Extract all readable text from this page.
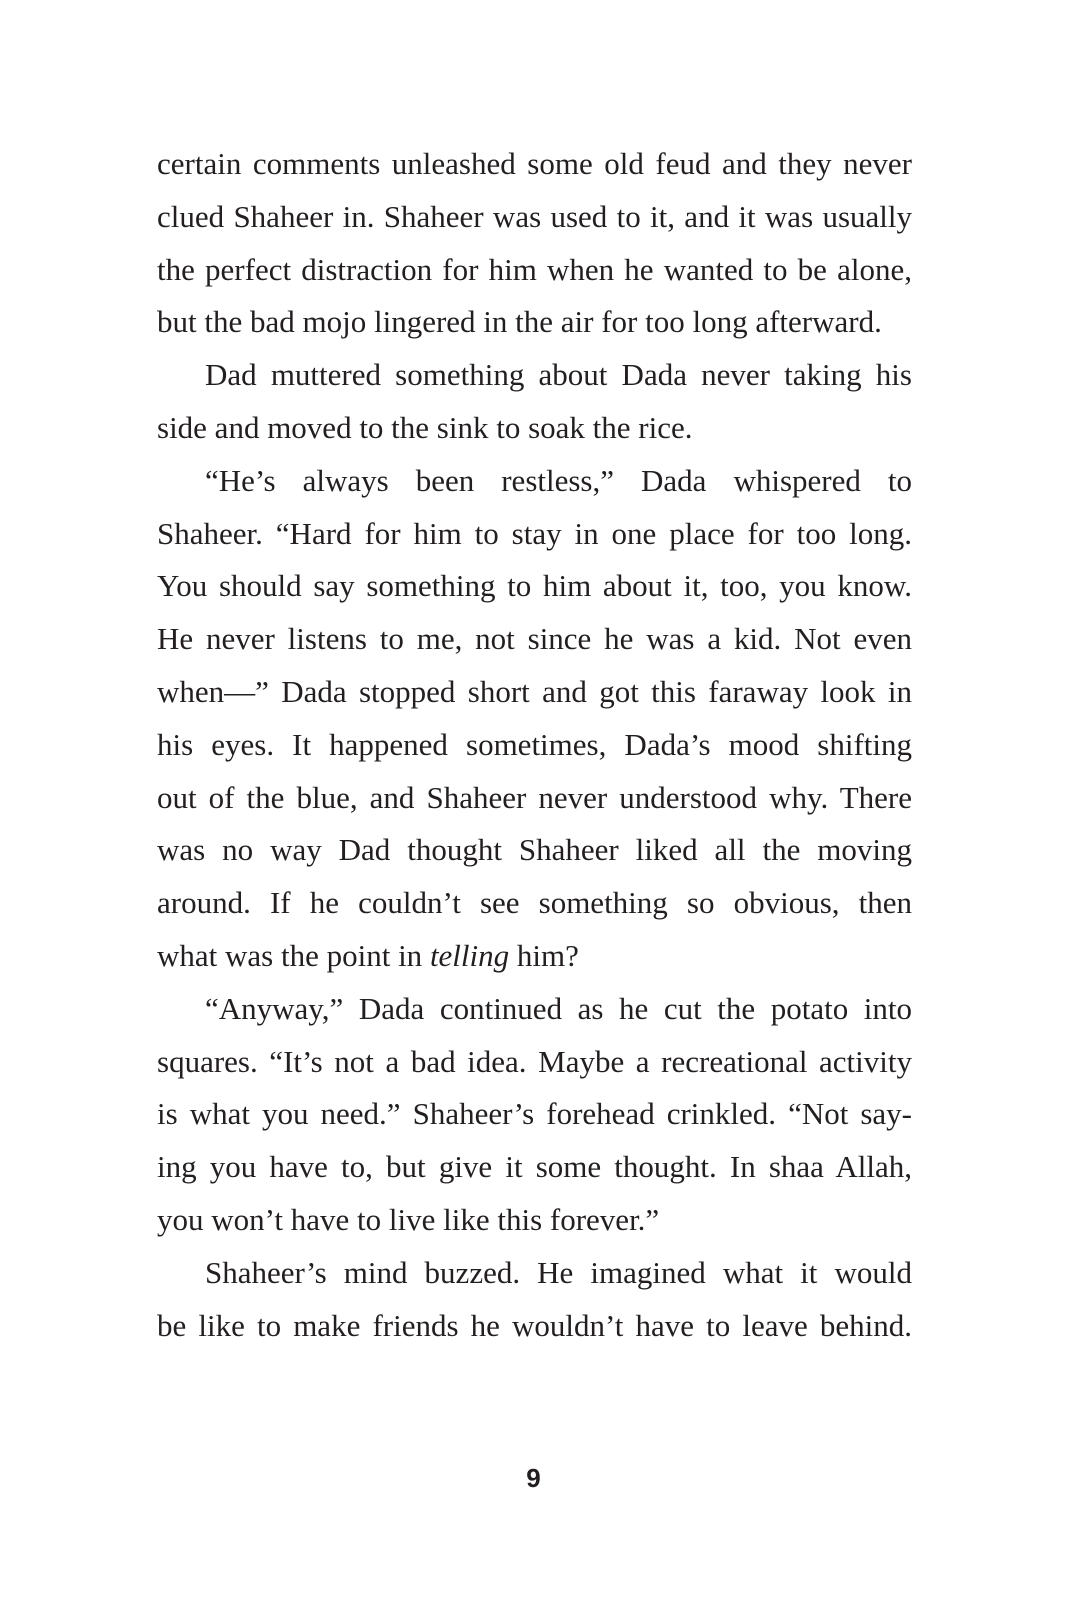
certain comments unleashed some old feud and they never
clued Shaheer in. Shaheer was used to it, and it was usually
the perfect distraction for him when he wanted to be alone,
but the bad mojo lingered in the air for too long afterward.
Dad muttered something about Dada never taking his
side and moved to the sink to soak the rice.
“He’s always been restless,” Dada whispered to
Shaheer. “Hard for him to stay in one place for too long.
You should say something to him about it, too, you know.
He never listens to me, not since he was a kid. Not even
when—” Dada stopped short and got this faraway look in
his eyes. It happened sometimes, Dada’s mood shifting
out of the blue, and Shaheer never understood why. There
was no way Dad thought Shaheer liked all the moving
around. If he couldn’t see something so obvious, then
what was the point in telling him?
“Anyway,” Dada continued as he cut the potato into
squares. “It’s not a bad idea. Maybe a recreational activity
is what you need.” Shaheer’s forehead crinkled. “Not say-
ing you have to, but give it some thought. In shaa Allah,
you won’t have to live like this forever.”
Shaheer’s mind buzzed. He imagined what it would
be like to make friends he wouldn’t have to leave behind.
9
